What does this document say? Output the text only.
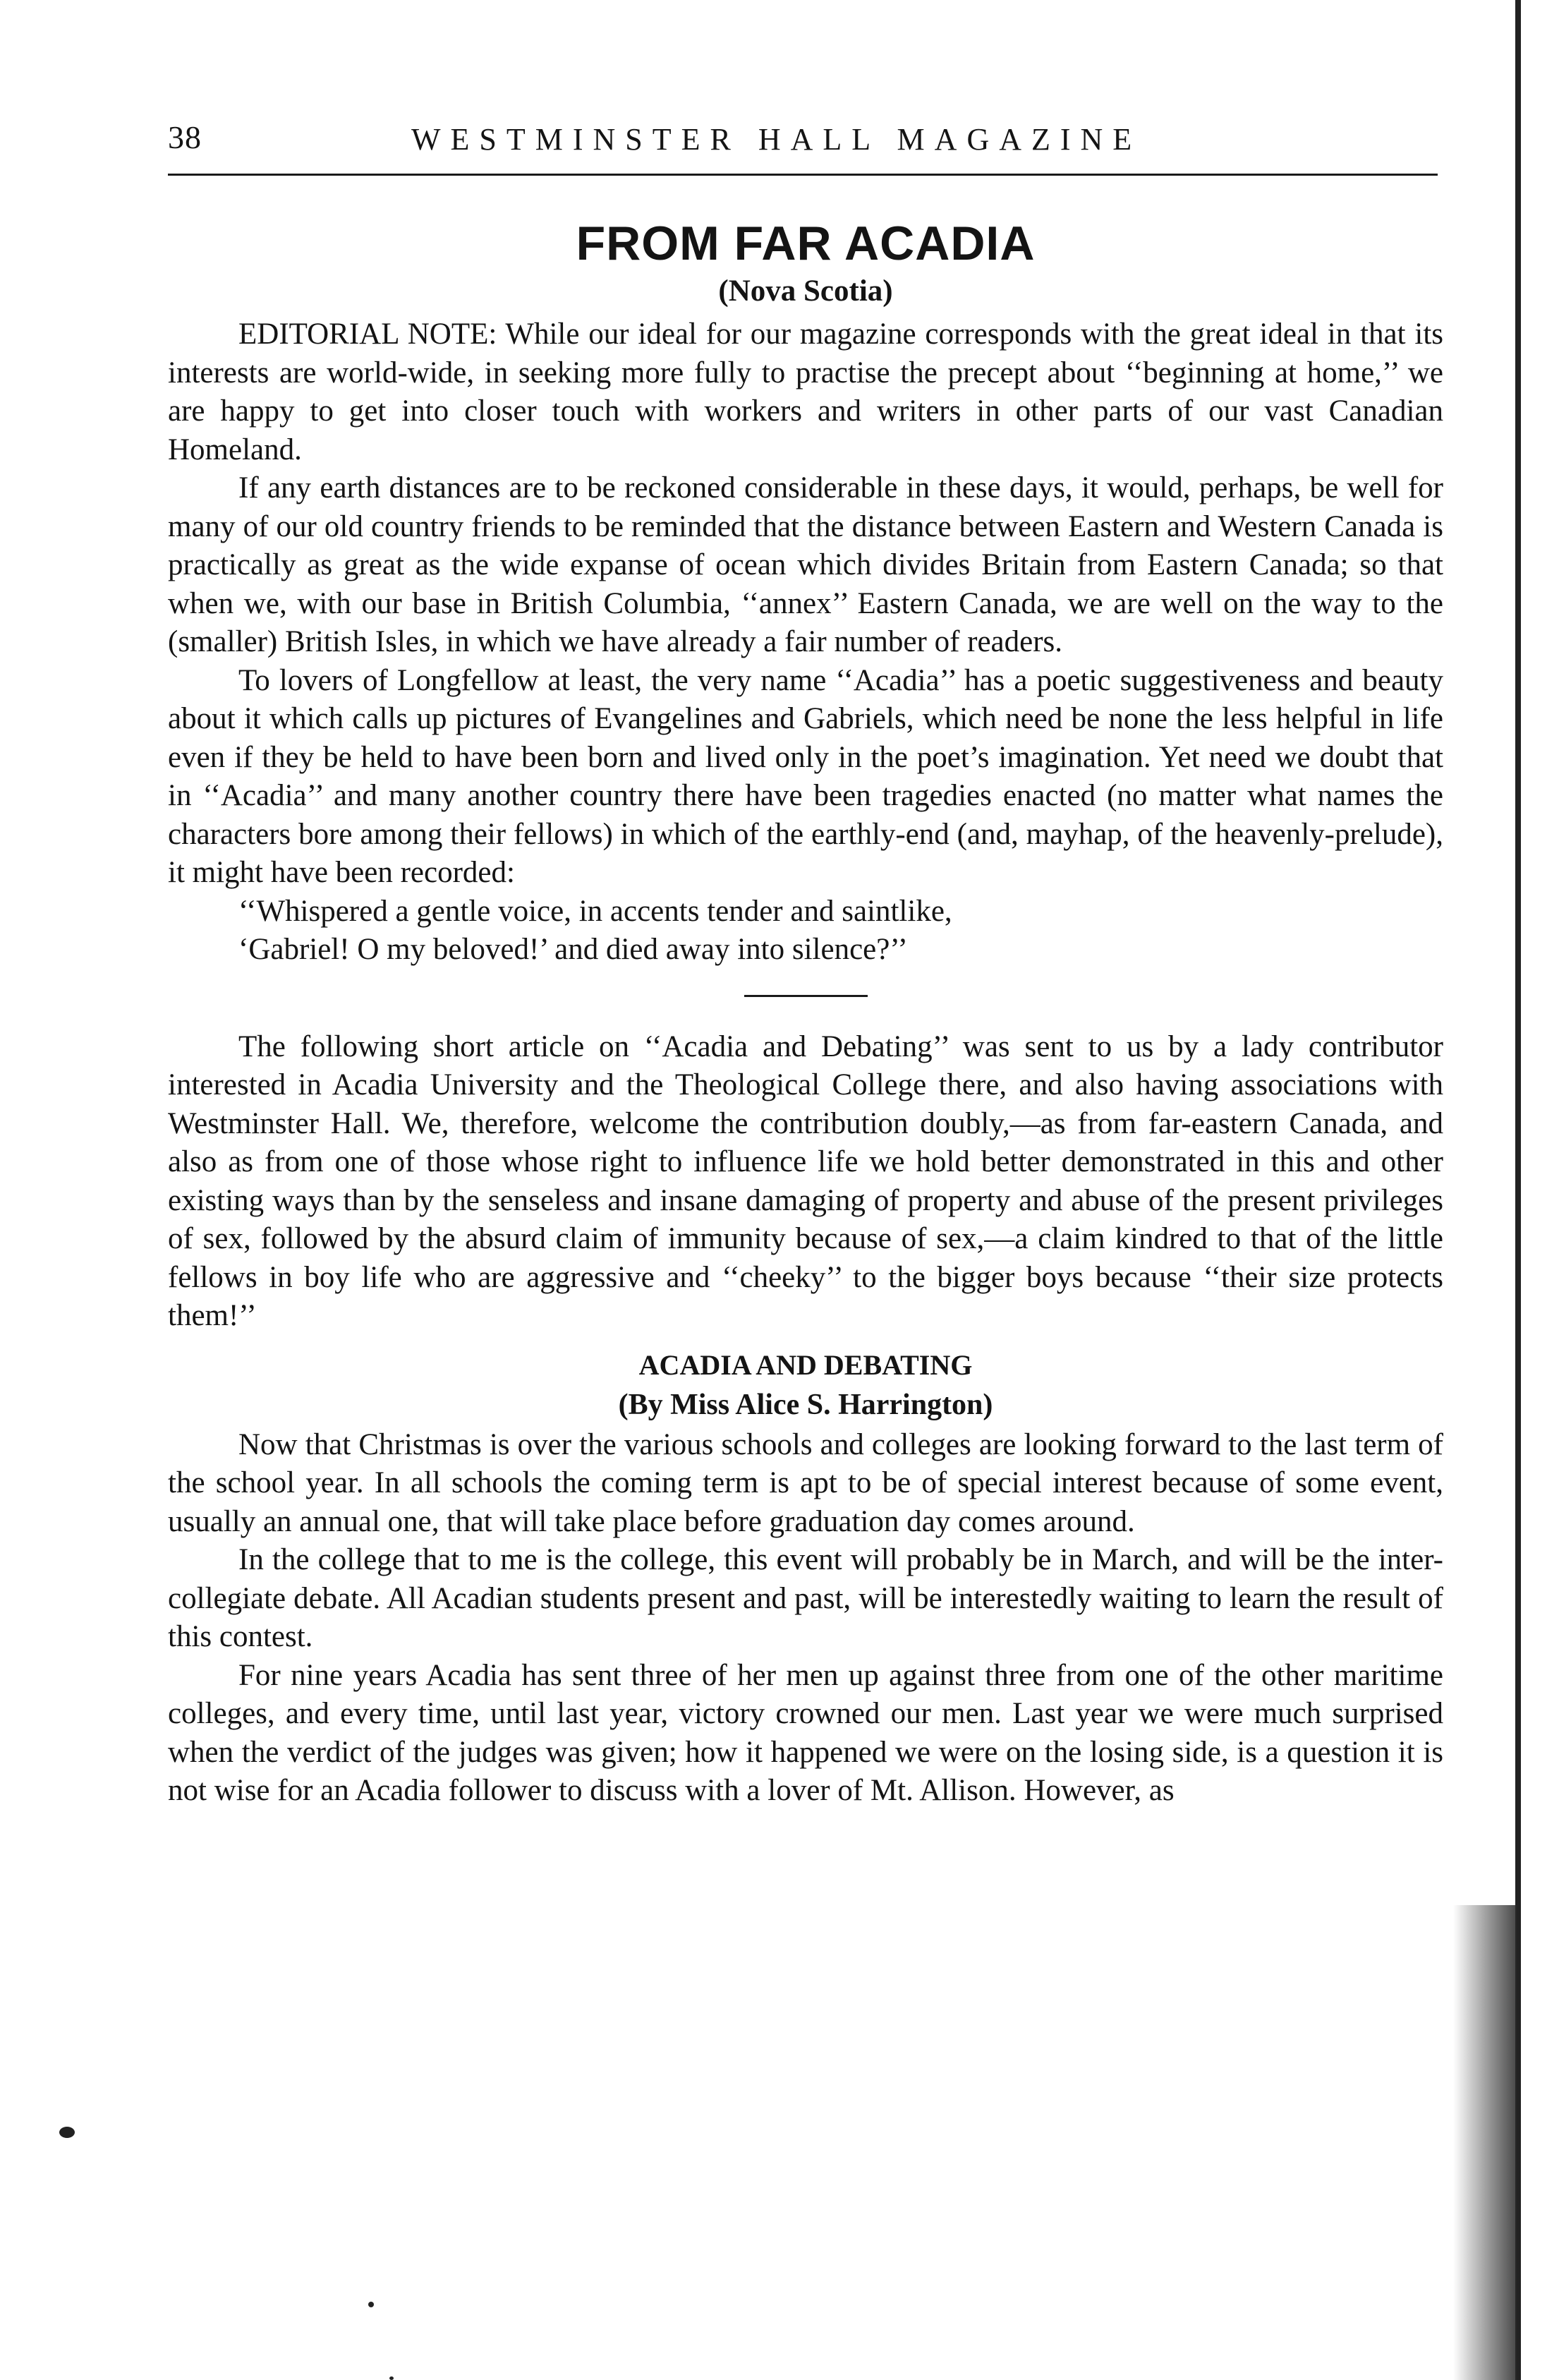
38	WESTMINSTER HALL MAGAZINE
FROM FAR ACADIA
(Nova Scotia)

EDITORIAL NOTE: While our ideal for our magazine corresponds with the great ideal in that its interests are world-wide, in seeking more fully to practise the precept about ‘‘beginning at home,’’ we are happy to get into closer touch with workers and writers in other parts of our vast Canadian Homeland.

If any earth distances are to be reckoned considerable in these days, it would, perhaps, be well for many of our old country friends to be reminded that the distance between Eastern and Western Canada is practically as great as the wide expanse of ocean which divides Britain from Eastern Canada; so that when we, with our base in British Columbia, ‘‘annex’’ Eastern Canada, we are well on the way to the (smaller) British Isles, in which we have already a fair number of readers.

To lovers of Longfellow at least, the very name ‘‘Acadia’’ has a poetic suggestiveness and beauty about it which calls up pictures of Evangelines and Gabriels, which need be none the less helpful in life even if they be held to have been born and lived only in the poet’s imagination. Yet need we doubt that in ‘‘Acadia’’ and many another country there have been tragedies enacted (no matter what names the characters bore among their fellows) in which of the earthly-end (and, mayhap, of the heavenly-prelude), it might have been recorded:

‘‘Whispered a gentle voice, in accents tender and saintlike,
‘Gabriel! O my beloved!’ and died away into silence?’’

The following short article on ‘‘Acadia and Debating’’ was sent to us by a lady contributor interested in Acadia University and the Theological College there, and also having associations with Westminster Hall. We, therefore, welcome the contribution doubly,—as from far-eastern Canada, and also as from one of those whose right to influence life we hold better demonstrated in this and other existing ways than by the senseless and insane damaging of property and abuse of the present privileges of sex, followed by the absurd claim of immunity because of sex,—a claim kindred to that of the little fellows in boy life who are aggressive and ‘‘cheeky’’ to the bigger boys because ‘‘their size protects them!’’

ACADIA AND DEBATING
(By Miss Alice S. Harrington)

Now that Christmas is over the various schools and colleges are looking forward to the last term of the school year. In all schools the coming term is apt to be of special interest because of some event, usually an annual one, that will take place before graduation day comes around.

In the college that to me is the college, this event will probably be in March, and will be the inter-collegiate debate. All Acadian students present and past, will be interestedly waiting to learn the result of this contest.

For nine years Acadia has sent three of her men up against three from one of the other maritime colleges, and every time, until last year, victory crowned our men. Last year we were much surprised when the verdict of the judges was given; how it happened we were on the losing side, is a question it is not wise for an Acadia follower to discuss with a lover of Mt. Allison. However, as
